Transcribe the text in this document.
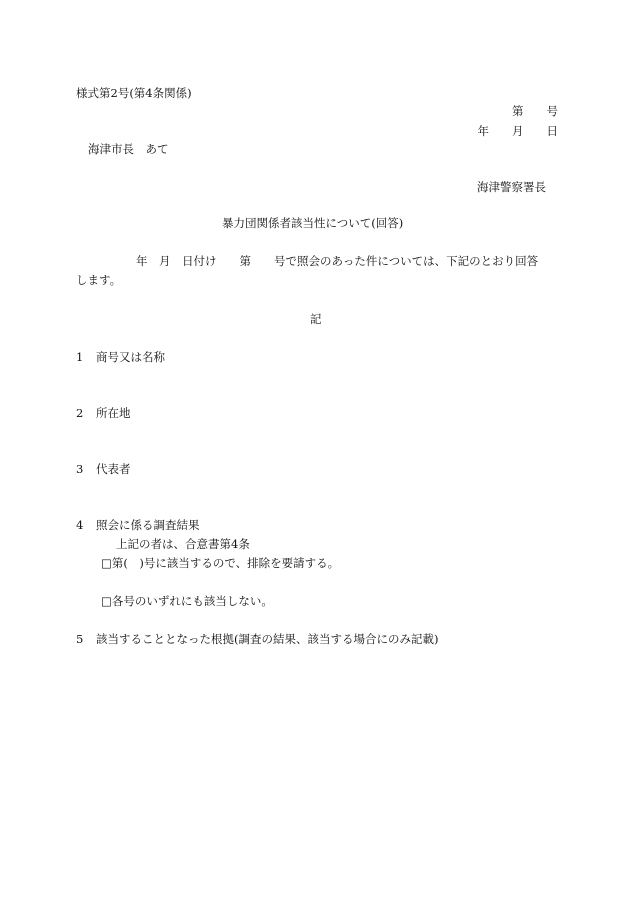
様式第2号(第4条関係)
第　　号
年　　月　　日
海津市長　あて
海津警察署長
暴力団関係者該当性について(回答)
年　月　日付け　　第　　号で照会のあった件については、下記のとおり回答
します。
記
1 商号又は名称
2 所在地
3 代表者
4 照会に係る調査結果
上記の者は、合意書第4条
□第(　)号に該当するので、排除を要請する。
□各号のいずれにも該当しない。
5 該当することとなった根拠(調査の結果、該当する場合にのみ記載)
